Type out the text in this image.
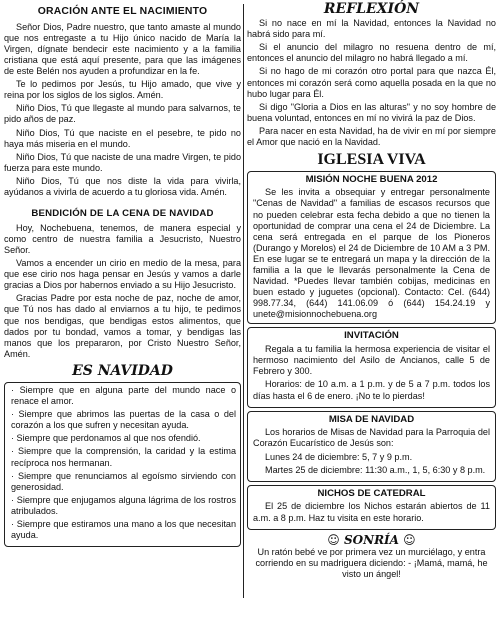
ORACIÓN ANTE EL NACIMIENTO

Señor Dios, Padre nuestro, que tanto amaste al mundo que nos entregaste a tu Hijo único nacido de María la Virgen, dígnate bendecir este nacimiento y a la familia cristiana que está aquí presente, para que las imágenes de este Belén nos ayuden a profundizar en la fe.

Te lo pedimos por Jesús, tu Hijo amado, que vive y reina por los siglos de los siglos. Amén.

Niño Dios, Tú que llegaste al mundo para salvarnos, te pido años de paz.

Niño Dios, Tú que naciste en el pesebre, te pido no haya más miseria en el mundo.

Niño Dios, Tú que naciste de una madre Virgen, te pido fuerza para este mundo.

Niño Dios, Tú que nos diste la vida para vivirla, ayúdanos a vivirla de acuerdo a tu gloriosa vida. Amén.

BENDICIÓN DE LA CENA DE NAVIDAD

Hoy, Nochebuena, tenemos, de manera especial y como centro de nuestra familia a Jesucristo, Nuestro Señor.

Vamos a encender un cirio en medio de la mesa, para que ese cirio nos haga pensar en Jesús y vamos a darle gracias a Dios por habernos enviado a su Hijo Jesucristo.

Gracias Padre por esta noche de paz, noche de amor, que Tú nos has dado al enviarnos a tu hijo, te pedimos que nos bendigas, que bendigas estos alimentos, que dados por tu bondad, vamos a tomar, y bendigas las manos que los prepararon, por Cristo Nuestro Señor, Amén.

ES NAVIDAD

· Siempre que en alguna parte del mundo nace o renace el amor.

· Siempre que abrimos las puertas de la casa o del corazón a los que sufren y necesitan ayuda.

· Siempre que perdonamos al que nos ofendió.

· Siempre que la comprensión, la caridad y la estima recíproca nos hermanan.

· Siempre que renunciamos al egoísmo sirviendo con generosidad.

· Siempre que enjugamos alguna lágrima de los rostros atribulados.

· Siempre que estiramos una mano a los que necesitan ayuda.

REFLEXIÓN

Si no nace en mí la Navidad, entonces la Navidad no habrá sido para mí.

Si el anuncio del milagro no resuena dentro de mí, entonces el anuncio del milagro no habrá llegado a mí.

Si no hago de mi corazón otro portal para que nazca Él, entonces mi corazón será como aquella posada en la que no hubo lugar para Él.

Si digo "Gloria a Dios en las alturas" y no soy hombre de buena voluntad, entonces en mí no vivirá la paz de Dios.

Para nacer en esta Navidad, ha de vivir en mí por siempre el Amor que nació en la Navidad.

IGLESIA VIVA
MISIÓN NOCHE BUENA 2012

Se les invita a obsequiar y entregar personalmente "Cenas de Navidad" a familias de escasos recursos que no pueden celebrar esta fecha debido a que no tienen la oportunidad de comprar una cena el 24 de Diciembre. La cena será entregada en el parque de los Pioneros (Durango y Morelos) el 24 de Diciembre de 10 AM a 3 PM. En ese lugar se te entregará un mapa y la dirección de la familia a la que le llevarás personalmente la Cena de Navidad. *Puedes llevar también cobijas, medicinas en buen estado y juguetes (opcional). Contacto: Cel. (644) 998.77.34, (644) 141.06.09 ó (644) 154.24.19 y unete@misionnochebuena.org

INVITACIÓN

Regala a tu familia la hermosa experiencia de visitar el hermoso nacimiento del Asilo de Ancianos, calle 5 de Febrero y 300.

Horarios: de 10 a.m. a 1 p.m. y de 5 a 7 p.m. todos los días hasta el 6 de enero. ¡No te lo pierdas!

MISA DE NAVIDAD

Los horarios de Misas de Navidad para la Parroquia del Corazón Eucarístico de Jesús son:

Lunes 24 de diciembre: 5, 7 y 9 p.m.

Martes 25 de diciembre: 11:30 a.m., 1, 5, 6:30 y 8 p.m.

NICHOS DE CATEDRAL

El 25 de diciembre los Nichos estarán abiertos de 11 a.m. a 8 p.m. Haz tu visita en este horario.

☺ SONRÍA ☺

Un ratón bebé ve por primera vez un murciélago, y entra corriendo en su madriguera diciendo: - ¡Mamá, mamá, he visto un ángel!
